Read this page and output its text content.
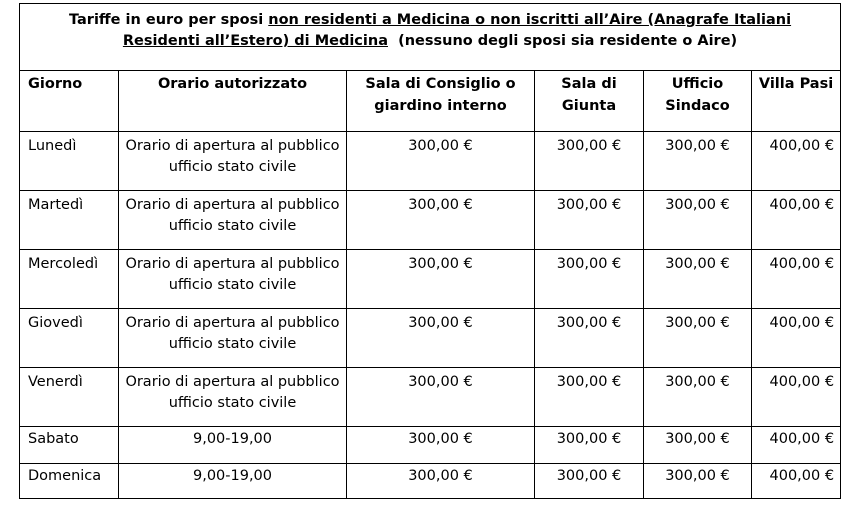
Tariffe in euro per sposi non residenti a Medicina o non iscritti all’Aire (Anagrafe Italiani
Residenti all’Estero) di Medicina  (nessuno degli sposi sia residente o Aire)					
Giorno	Orario autorizzato	Sala di Consiglio o giardino interno	Sala di Giunta	Ufficio Sindaco	Villa Pasi
Lunedì	Orario di apertura al pubblico ufficio stato civile	300,00 €	300,00 €	300,00 €	400,00 €
Martedì	Orario di apertura al pubblico ufficio stato civile	300,00 €	300,00 €	300,00 €	400,00 €
Mercoledì	Orario di apertura al pubblico ufficio stato civile	300,00 €	300,00 €	300,00 €	400,00 €
Giovedì	Orario di apertura al pubblico ufficio stato civile	300,00 €	300,00 €	300,00 €	400,00 €
Venerdì	Orario di apertura al pubblico ufficio stato civile	300,00 €	300,00 €	300,00 €	400,00 €
Sabato	9,00-19,00	300,00 €	300,00 €	300,00 €	400,00 €
Domenica	9,00-19,00	300,00 €	300,00 €	300,00 €	400,00 €
